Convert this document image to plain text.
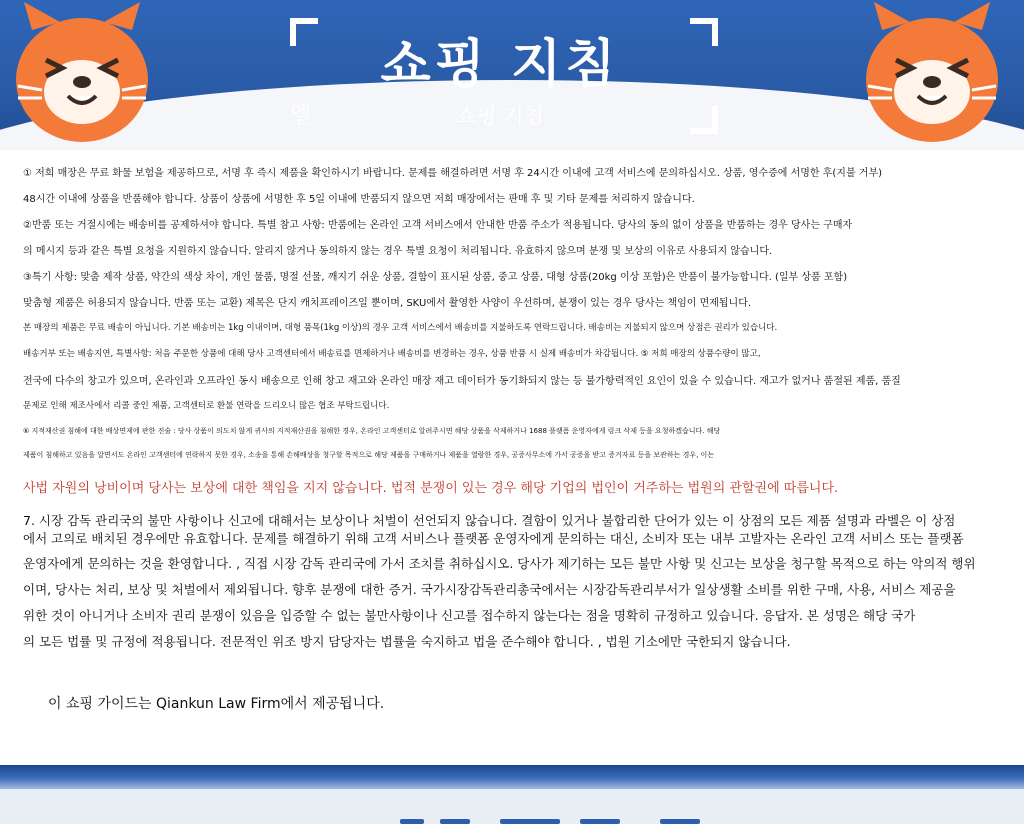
쇼핑 지침
엘	쇼핑 지침
① 저희 매장은 무료 화물 보험을 제공하므로, 서명 후 즉시 제품을 확인하시기 바랍니다. 문제를 해결하려면 서명 후 24시간 이내에 고객 서비스에 문의하십시오. 상품, 영수증에 서명한 후(지불 거부)
48시간 이내에 상품을 반품해야 합니다. 상품이 상품에 서명한 후 5일 이내에 반품되지 않으면 저희 매장에서는 판매 후 및 기타 문제를 처리하지 않습니다.
②반품 또는 거절시에는 배송비를 공제하셔야 합니다. 특별 참고 사항: 반품에는 온라인 고객 서비스에서 안내한 반품 주소가 적용됩니다. 당사의 동의 없이 상품을 반품하는 경우 당사는 구매자
의 메시지 등과 같은 특별 요청을 지원하지 않습니다. 알리지 않거나 동의하지 않는 경우 특별 요청이 처리됩니다. 유효하지 않으며 분쟁 및 보상의 이유로 사용되지 않습니다.
③특기 사항: 맞춤 제작 상품, 약간의 색상 차이, 개인 물품, 명절 선물, 깨지기 쉬운 상품, 결함이 표시된 상품, 중고 상품, 대형 상품(20kg 이상 포함)은 반품이 불가능합니다. (일부 상품 포함)
맞춤형 제품은 허용되지 않습니다. 반품 또는 교환) 제목은 단지 캐치프레이즈일 뿐이며, SKU에서 촬영한 사양이 우선하며, 분쟁이 있는 경우 당사는 책임이 면제됩니다.
본 매장의 제품은 무료 배송이 아닙니다. 기본 배송비는 1kg 이내이며, 대형 품목(1kg 이상)의 경우 고객 서비스에서 배송비를 지불하도록 연락드립니다. 배송비는 지불되지 않으며 상점은 권리가 있습니다.
배송거부 또는 배송지연, 특별사항: 처음 주문한 상품에 대해 당사 고객센터에서 배송료를 면제하거나 배송비를 변경하는 경우, 상품 반품 시 실제 배송비가 차감됩니다. ⑤ 저희 매장의 상품수량이 많고,
전국에 다수의 창고가 있으며, 온라인과 오프라인 동시 배송으로 인해 창고 재고와 온라인 매장 재고 데이터가 동기화되지 않는 등 불가항력적인 요인이 있을 수 있습니다. 재고가 없거나 품절된 제품, 품질
문제로 인해 제조사에서 리콜 중인 제품, 고객센터로 환불 연락을 드리오니 많은 협조 부탁드립니다.
⑥ 지적재산권 침해에 대한 배상면제에 관한 진술 : 당사 상품이 의도치 않게 귀사의 지적재산권을 침해한 경우, 온라인 고객센터로 알려주시면 해당 상품을 삭제하거나 1688 플랫폼 운영자에게 링크 삭제 등을 요청하겠습니다. 해당
제품이 침해하고 있음을 알면서도 온라인 고객센터에 연락하지 못한 경우, 소송을 통해 손해배상을 청구할 목적으로 해당 제품을 구매하거나 제품을 열람한 경우, 공증사무소에 가서 공증을 받고 증거자료 등을 보관하는 경우, 이는
사법 자원의 낭비이며 당사는 보상에 대한 책임을 지지 않습니다. 법적 분쟁이 있는 경우 해당 기업의 법인이 거주하는 법원의 관할권에 따릅니다.
7. 시장 감독 관리국의 불만 사항이나 신고에 대해서는 보상이나 처벌이 선언되지 않습니다. 결함이 있거나 불합리한 단어가 있는 이 상점의 모든 제품 설명과 라벨은 이 상점
에서 고의로 배치된 경우에만 유효합니다. 문제를 해결하기 위해 고객 서비스나 플랫폼 운영자에게 문의하는 대신, 소비자 또는 내부 고발자는 온라인 고객 서비스 또는 플랫폼
운영자에게 문의하는 것을 환영합니다. , 직접 시장 감독 관리국에 가서 조치를 취하십시오. 당사가 제기하는 모든 불만 사항 및 신고는 보상을 청구할 목적으로 하는 악의적 행위
이며, 당사는 처리, 보상 및 처벌에서 제외됩니다. 향후 분쟁에 대한 증거. 국가시장감독관리총국에서는 시장감독관리부서가 일상생활 소비를 위한 구매, 사용, 서비스 제공을
위한 것이 아니거나 소비자 권리 분쟁이 있음을 입증할 수 없는 불만사항이나 신고를 접수하지 않는다는 점을 명확히 규정하고 있습니다. 응답자. 본 성명은 해당 국가
의 모든 법률 및 규정에 적용됩니다. 전문적인 위조 방지 담당자는 법률을 숙지하고 법을 준수해야 합니다. , 법원 기소에만 국한되지 않습니다.
이 쇼핑 가이드는 Qiankun Law Firm에서 제공됩니다.
